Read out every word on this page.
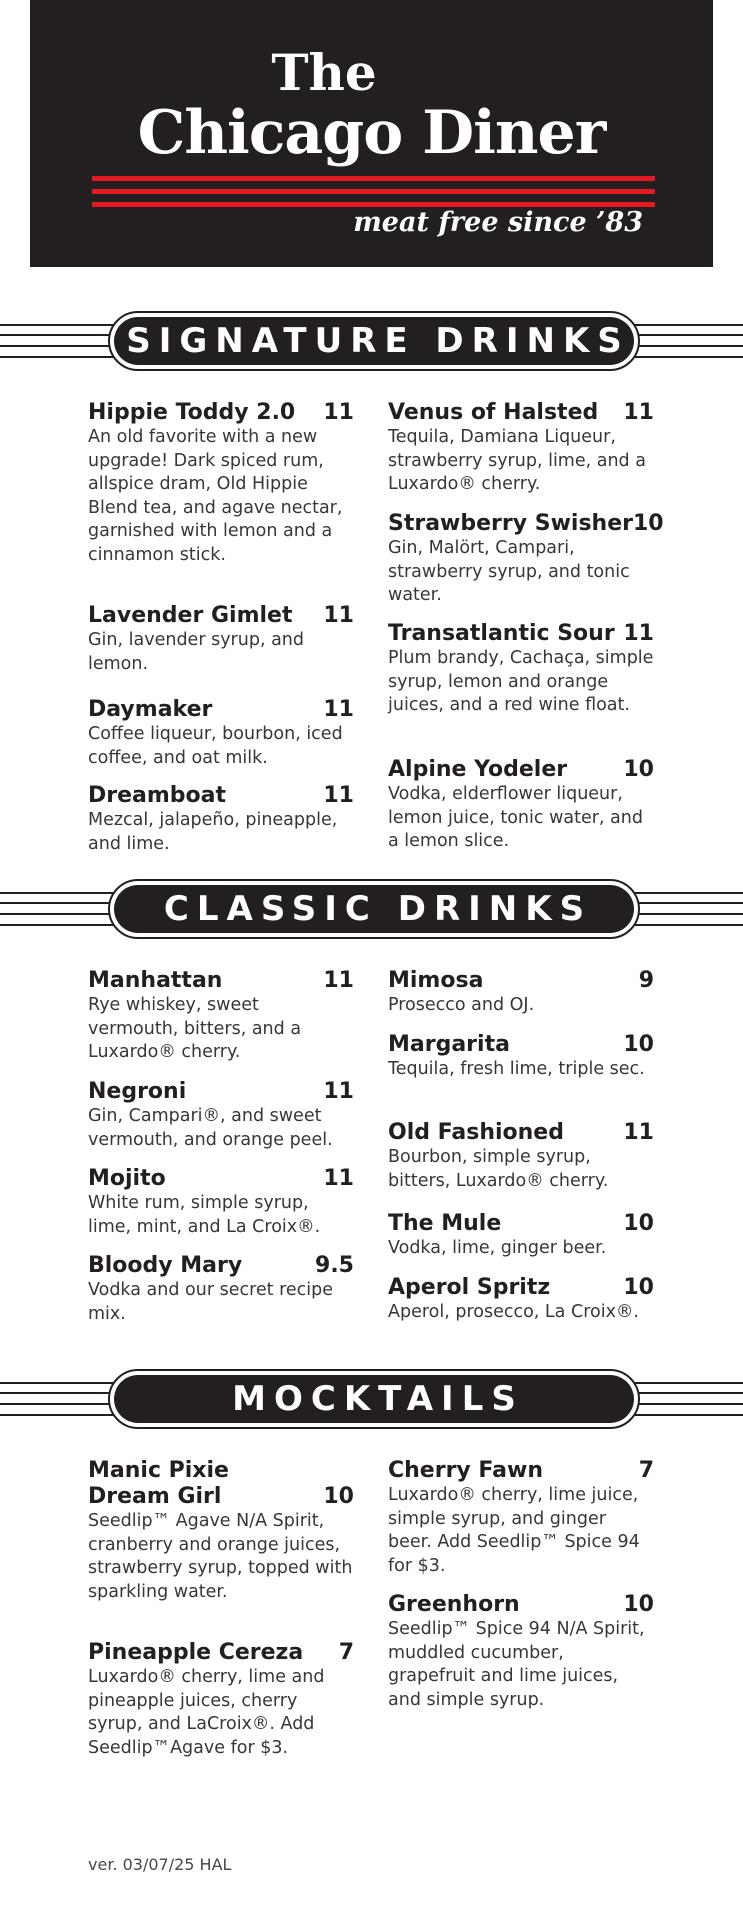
The
Chicago Diner
meat free since ’83
SIGNATURE DRINKS
CLASSIC DRINKS
MOCKTAILS
Hippie Toddy 2.0 11
An old favorite with a new upgrade! Dark spiced rum, allspice dram, Old Hippie Blend tea, and agave nectar, garnished with lemon and a cinnamon stick.
Lavender Gimlet 11
Gin, lavender syrup, and lemon.
Daymaker	11
Coffee liqueur, bourbon, iced coffee, and oat milk.
Dreamboat	11
Mezcal, jalapeño, pineapple, and lime.
Venus of Halsted 11
Tequila, Damiana Liqueur, strawberry syrup, lime, and a Luxardo® cherry.
Strawberry Swisher 10
Gin, Malört, Campari, strawberry syrup, and tonic water.
Transatlantic Sour 11
Plum brandy, Cachaça, simple syrup, lemon and orange juices, and a red wine float.
Alpine Yodeler	10
Vodka, elderflower liqueur, lemon juice, tonic water, and a lemon slice.
Manhattan	11
Rye whiskey, sweet vermouth, bitters, and a Luxardo® cherry.
Negroni	11
Gin, Campari®, and sweet vermouth, and orange peel.
Mojito	11
White rum, simple syrup, lime, mint, and La Croix®.
Bloody Mary	9.5
Vodka and our secret recipe mix.
Mimosa	9
Prosecco and OJ.
Margarita	10
Tequila, fresh lime, triple sec.
Old Fashioned	11
Bourbon, simple syrup, bitters, Luxardo® cherry.
The Mule	10
Vodka, lime, ginger beer.
Aperol Spritz	10
Aperol, prosecco, La Croix®.
Manic Pixie
Dream Girl	10
Seedlip™ Agave N/A Spirit, cranberry and orange juices, strawberry syrup, topped with sparkling water.
Pineapple Cereza 7
Luxardo® cherry, lime and pineapple juices, cherry syrup, and LaCroix®. Add Seedlip™Agave for $3.
Cherry Fawn	7
Luxardo® cherry, lime juice, simple syrup, and ginger beer. Add Seedlip™ Spice 94 for $3.
Greenhorn	10
Seedlip™ Spice 94 N/A Spirit, muddled cucumber, grapefruit and lime juices, and simple syrup.
ver. 03/07/25 HAL
